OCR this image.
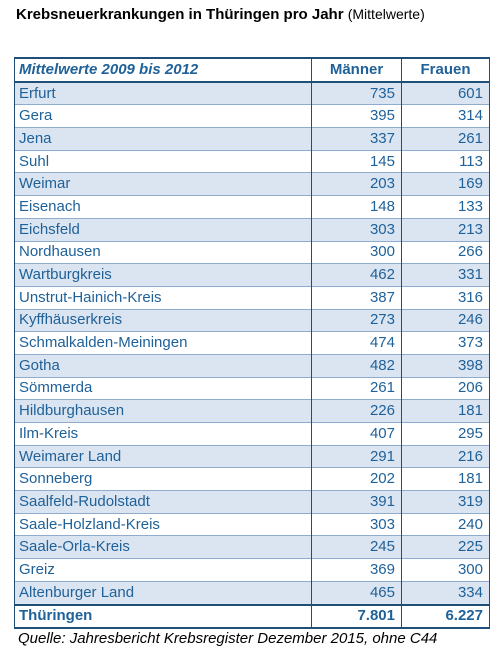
Krebsneuerkrankungen in Thüringen pro Jahr (Mittelwerte)
Mittelwerte 2009 bis 2012	Männer	Frauen
Erfurt	735	601
Gera	395	314
Jena	337	261
Suhl	145	113
Weimar	203	169
Eisenach	148	133
Eichsfeld	303	213
Nordhausen	300	266
Wartburgkreis	462	331
Unstrut-Hainich-Kreis	387	316
Kyffhäuserkreis	273	246
Schmalkalden-Meiningen	474	373
Gotha	482	398
Sömmerda	261	206
Hildburghausen	226	181
Ilm-Kreis	407	295
Weimarer Land	291	216
Sonneberg	202	181
Saalfeld-Rudolstadt	391	319
Saale-Holzland-Kreis	303	240
Saale-Orla-Kreis	245	225
Greiz	369	300
Altenburger Land	465	334
Thüringen	7.801	6.227
Quelle: Jahresbericht Krebsregister Dezember 2015, ohne C44
